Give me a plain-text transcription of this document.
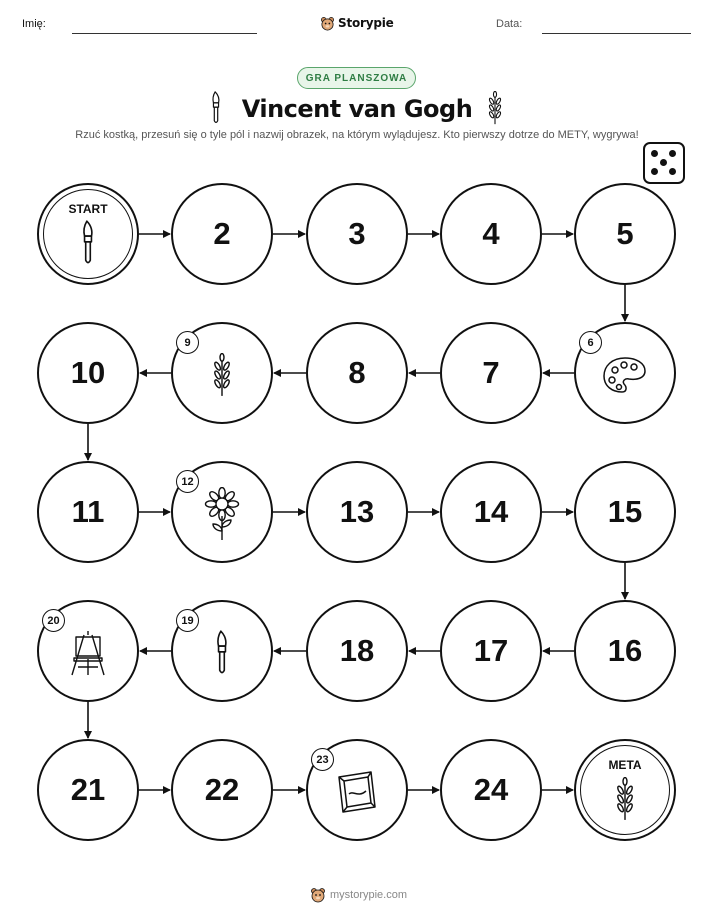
Imię:	Storypie	Data:
GRA PLANSZOWA
Vincent van Gogh
Rzuć kostką, przesuń się o tyle pól i nazwij obrazek, na którym wylądujesz. Kto pierwszy dotrze do METY, wygrywa!
START
2	3	4	5
6
7
8
9
10
11
12
13	14	15
16
17
18
19
20
21	22
23
24
META
mystorypie.com
